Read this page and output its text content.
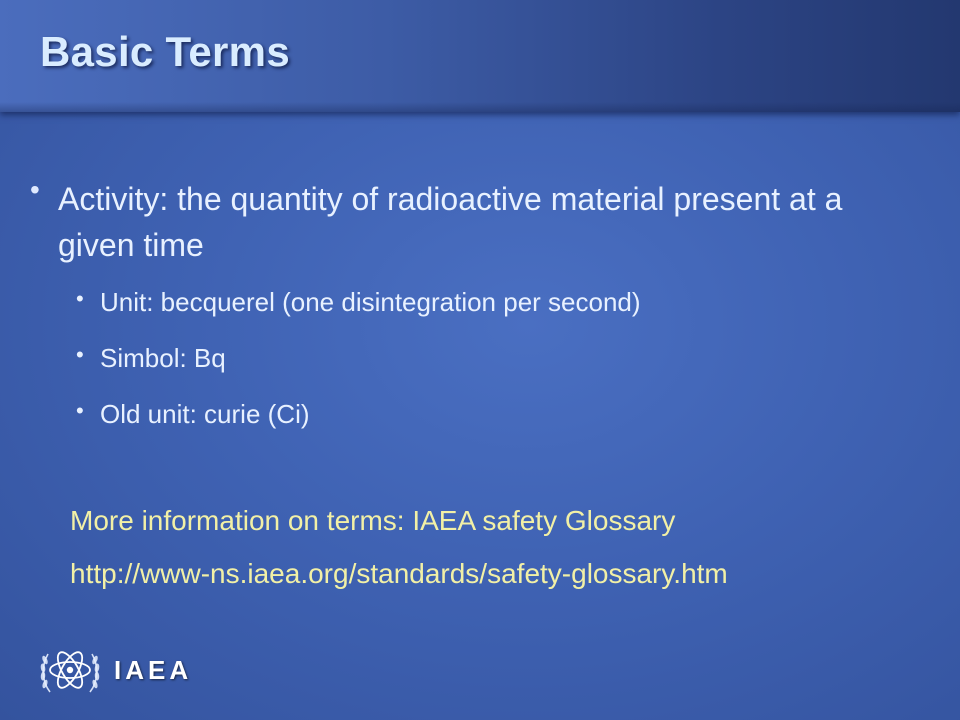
Basic Terms
• Activity: the quantity of radioactive material present at a given time
• Unit: becquerel (one disintegration per second)
• Simbol: Bq
• Old unit: curie (Ci)

More information on terms: IAEA safety Glossary

http://www-ns.iaea.org/standards/safety-glossary.htm

IAEA
